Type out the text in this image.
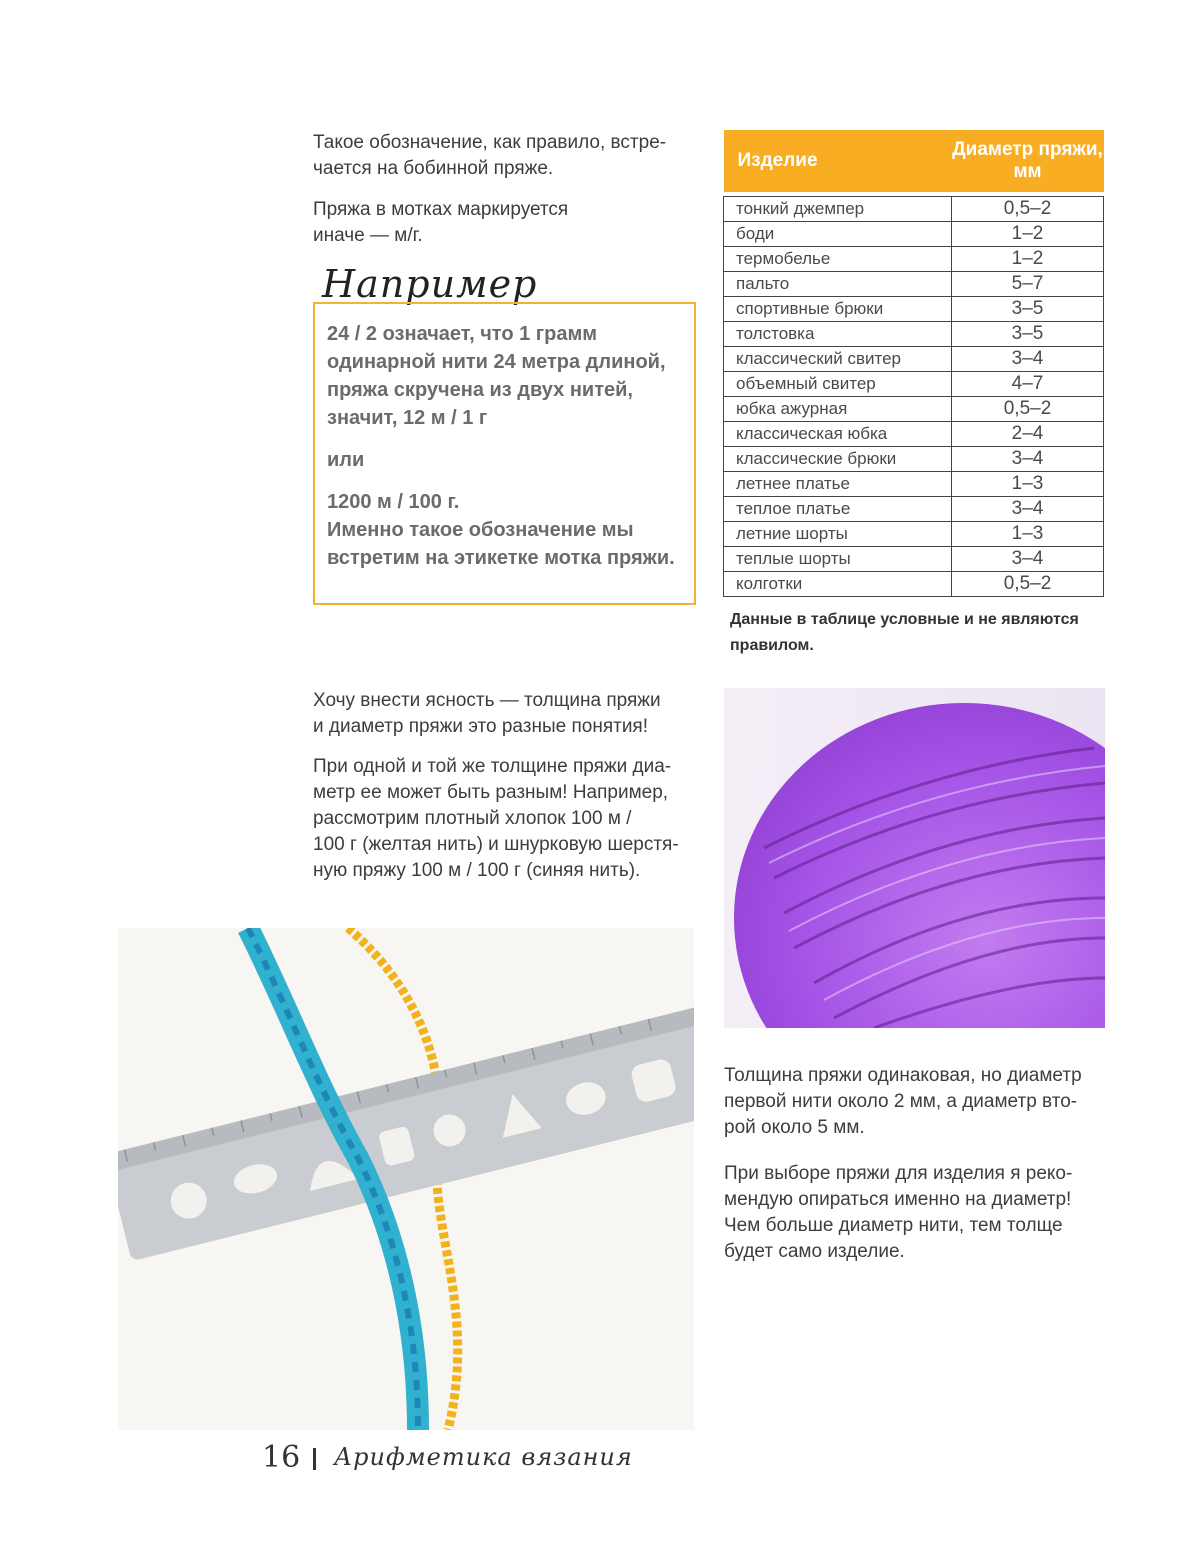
Такое обозначение, как правило, встре-
чается на бобинной пряже.

Пряжа в мотках маркируется
иначе — м/г.

Например

24 / 2 означает, что 1 грамм одинарной нити 24 метра длиной, пряжа скручена из двух нитей, значит, 12 м / 1 г

или

1200 м / 100 г.

Именно такое обозначение мы встретим на этикетке мотка пряжи.

Изделие	Диаметр пряжи, мм

тонкий джемпер	0,5–2
боди	1–2
термобелье	1–2
пальто	5–7
спортивные брюки	3–5
толстовка	3–5
классический свитер	3–4
объемный свитер	4–7
юбка ажурная	0,5–2
классическая юбка	2–4
классические брюки	3–4
летнее платье	1–3
теплое платье	3–4
летние шорты	1–3
теплые шорты	3–4
колготки	0,5–2
Данные в таблице условные и не являются правилом.

Хочу внести ясность — толщина пряжи
и диаметр пряжи это разные понятия!

При одной и той же толщине пряжи диа-
метр ее может быть разным! Например,
рассмотрим плотный хлопок 100 м /
100 г (желтая нить) и шнурковую шерстя-
ную пряжу 100 м / 100 г (синяя нить).

Толщина пряжи одинаковая, но диаметр
первой нити около 2 мм, а диаметр вто-
рой около 5 мм.

При выборе пряжи для изделия я реко-
мендую опираться именно на диаметр!
Чем больше диаметр нити, тем толще
будет само изделие.

16 Арифметика вязания
